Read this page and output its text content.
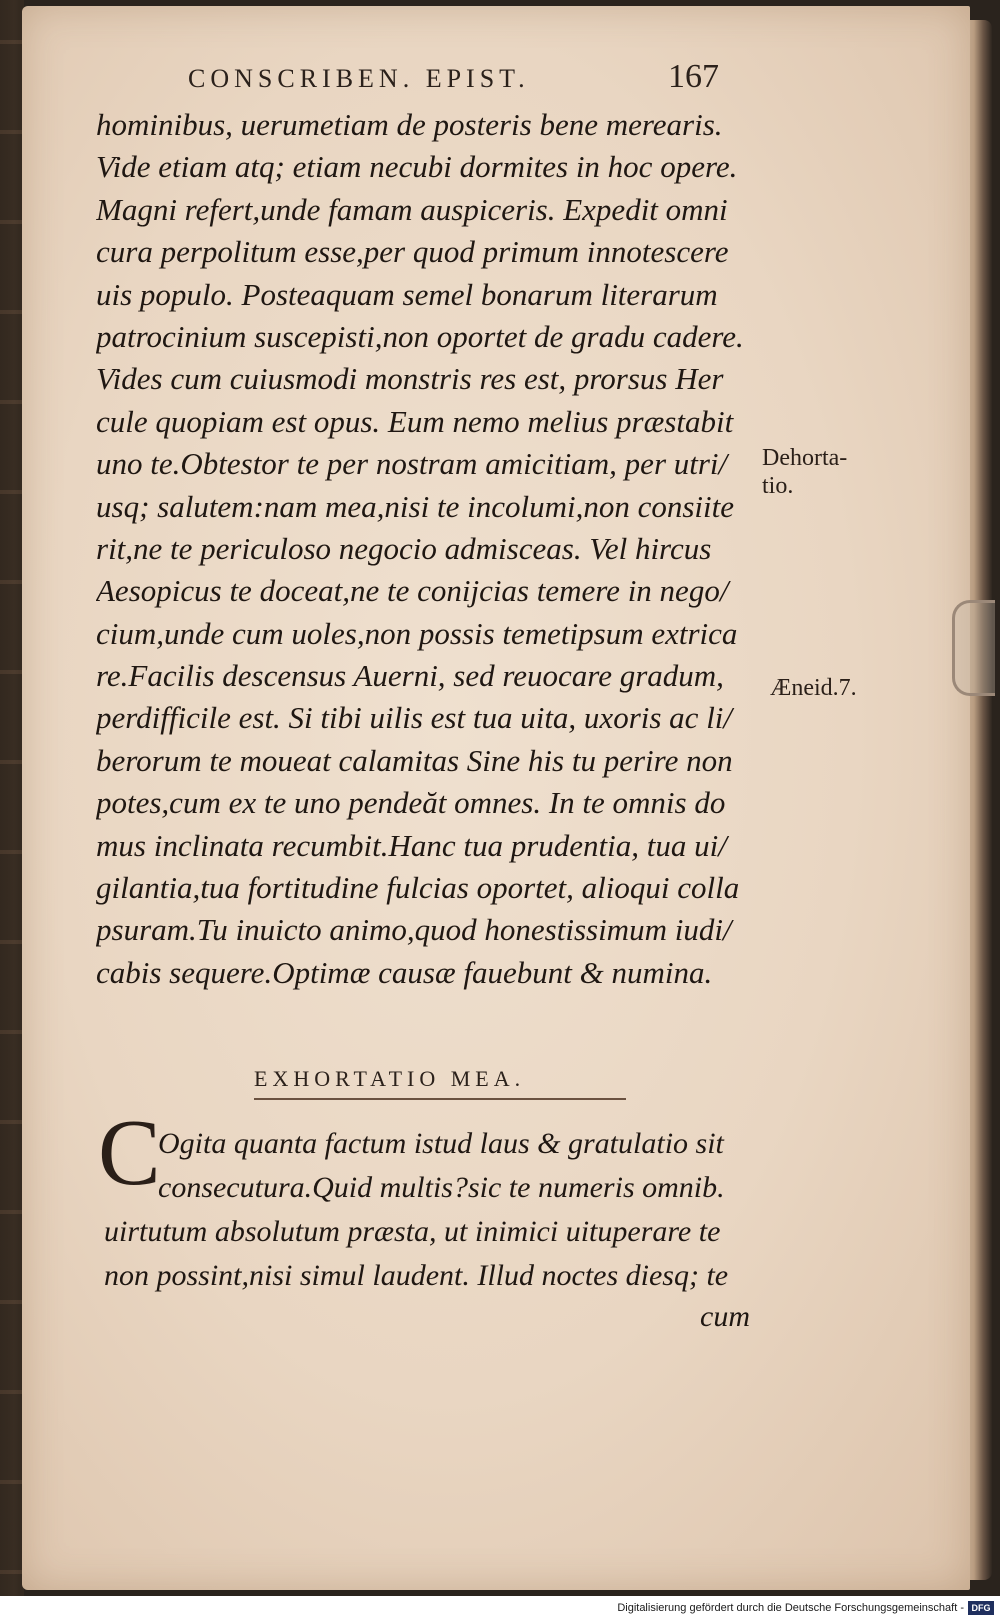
CONSCRIBEN. EPIST.	167
hominibus, uerumetiam de posteris bene merearis.
Vide etiam atq; etiam necubi dormites in hoc opere.
Magni refert,unde famam auspiceris. Expedit omni
cura perpolitum esse,per quod primum innotescere
uis populo. Posteaquam semel bonarum literarum
patrocinium suscepisti,non oportet de gradu cadere.
Vides cum cuiusmodi monstris res est, prorsus Her
cule quopiam est opus. Eum nemo melius præstabit
uno te.Obtestor te per nostram amicitiam, per utri/
usq; salutem:nam mea,nisi te incolumi,non consiite
rit,ne te periculoso negocio admisceas. Vel hircus
Aesopicus te doceat,ne te conijcias temere in nego/
cium,unde cum uoles,non possis temetipsum extrica
re.Facilis descensus Auerni, sed reuocare gradum,
perdifficile est. Si tibi uilis est tua uita, uxoris ac li/
berorum te moueat calamitas Sine his tu perire non
potes,cum ex te uno pendeăt omnes. In te omnis do
mus inclinata recumbit.Hanc tua prudentia, tua ui/
gilantia,tua fortitudine fulcias oportet, alioqui colla
psuram.Tu inuicto animo,quod honestissimum iudi/
cabis sequere.Optimæ causæ fauebunt & numina.
Dehorta-
tio.
Æneid.7.
EXHORTATIO MEA.
C
Ogita quanta factum istud laus & gratulatio sit
consecutura.Quid multis?sic te numeris omnib.
uirtutum absolutum præsta, ut inimici uituperare te
non possint,nisi simul laudent. Illud noctes diesq; te
cum
Digitalisierung gefördert durch die Deutsche Forschungsgemeinschaft - DFG
